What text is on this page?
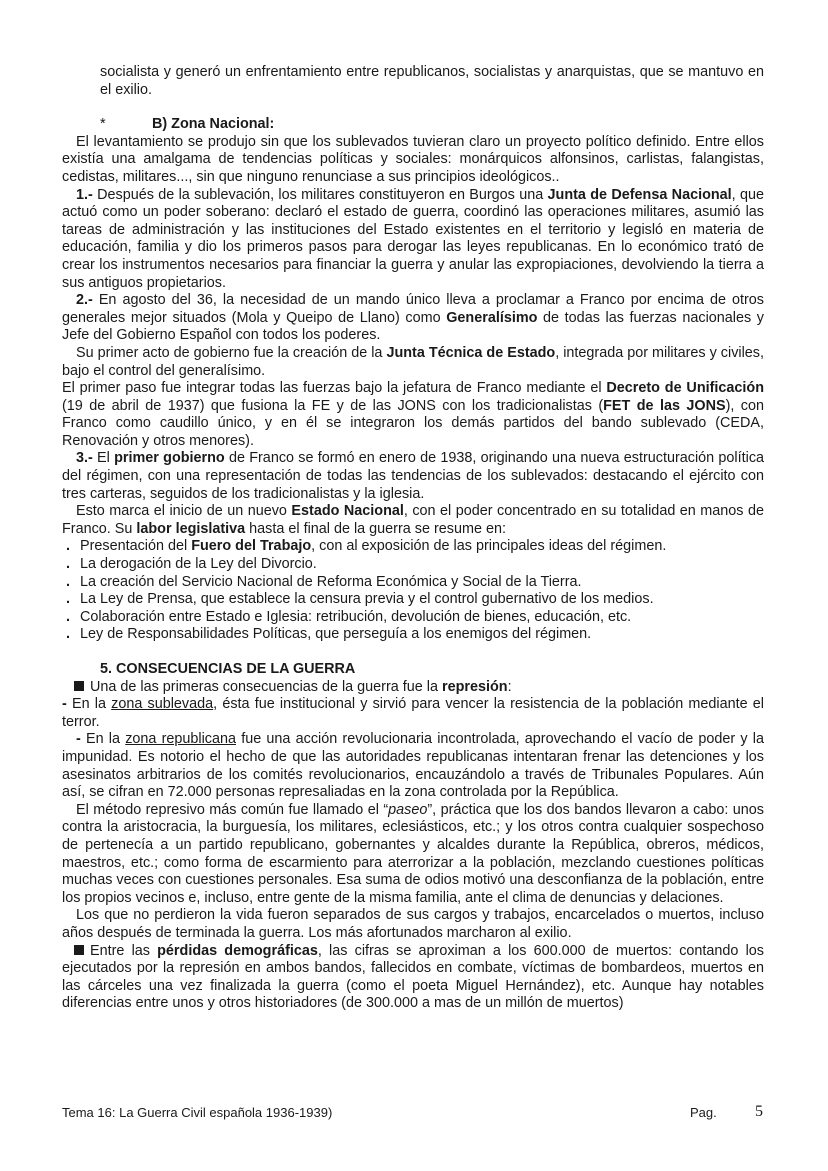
socialista y generó un enfrentamiento entre republicanos, socialistas y anarquistas, que se mantuvo en el exilio.

*	B) Zona Nacional:

El levantamiento se produjo sin que los sublevados tuvieran claro un proyecto político definido. Entre ellos existía una amalgama de tendencias políticas y sociales: monárquicos alfonsinos, carlistas, falangistas, cedistas, militares..., sin que ninguno renunciase a sus principios ideológicos..

1.- Después de la sublevación, los militares constituyeron en Burgos una Junta de Defensa Nacional, que actuó como un poder soberano: declaró el estado de guerra, coordinó las operaciones militares, asumió las tareas de administración y las instituciones del Estado existentes en el territorio y legisló en materia de educación, familia y dio los primeros pasos para derogar las leyes republicanas. En lo económico trató de crear los instrumentos necesarios para financiar la guerra y anular las expropiaciones, devolviendo la tierra a sus antiguos propietarios.

2.- En agosto del 36, la necesidad de un mando único lleva a proclamar a Franco por encima de otros generales mejor situados (Mola y Queipo de Llano) como Generalísimo de todas las fuerzas nacionales y Jefe del Gobierno Español con todos los poderes.

Su primer acto de gobierno fue la creación de la Junta Técnica de Estado, integrada por militares y civiles, bajo el control del generalísimo.

El primer paso fue integrar todas las fuerzas bajo la jefatura de Franco mediante el Decreto de Unificación (19 de abril de 1937) que fusiona la FE y de las JONS con los tradicionalistas (FET de las JONS), con Franco como caudillo único, y en él se integraron los demás partidos del bando sublevado (CEDA, Renovación y otros menores).

3.- El primer gobierno de Franco se formó en enero de 1938, originando una nueva estructuración política del régimen, con una representación de todas las tendencias de los sublevados: destacando el ejército con tres carteras, seguidos de los tradicionalistas y la iglesia.

Esto marca el inicio de un nuevo Estado Nacional, con el poder concentrado en su totalidad en manos de Franco. Su labor legislativa hasta el final de la guerra se resume en:

. Presentación del Fuero del Trabajo, con al exposición de las principales ideas del régimen.

. La derogación de la Ley del Divorcio.

. La creación del Servicio Nacional de Reforma Económica y Social de la Tierra.

. La Ley de Prensa, que establece la censura previa y el control gubernativo de los medios.

. Colaboración entre Estado e Iglesia: retribución, devolución de bienes, educación, etc.

. Ley de Responsabilidades Políticas, que perseguía a los enemigos del régimen.

5. CONSECUENCIAS DE LA GUERRA

Una de las primeras consecuencias de la guerra fue la represión:

- En la zona sublevada, ésta fue institucional y sirvió para vencer la resistencia de la población mediante el terror.

- En la zona republicana fue una acción revolucionaria incontrolada, aprovechando el vacío de poder y la impunidad. Es notorio el hecho de que las autoridades republicanas intentaran frenar las detenciones y los asesinatos arbitrarios de los comités revolucionarios, encauzándolo a través de Tribunales Populares. Aún así, se cifran en 72.000 personas represaliadas en la zona controlada por la República.

El método represivo más común fue llamado el “paseo”, práctica que los dos bandos llevaron a cabo: unos contra la aristocracia, la burguesía, los militares, eclesiásticos, etc.; y los otros contra cualquier sospechoso de pertenecía a un partido republicano, gobernantes y alcaldes durante la República, obreros, médicos, maestros, etc.; como forma de escarmiento para aterrorizar a la población, mezclando cuestiones políticas muchas veces con cuestiones personales. Esa suma de odios motivó una desconfianza de la población, entre los propios vecinos e, incluso, entre gente de la misma familia, ante el clima de denuncias y delaciones.

Los que no perdieron la vida fueron separados de sus cargos y trabajos, encarcelados o muertos, incluso años después de terminada la guerra. Los más afortunados marcharon al exilio.

Entre las pérdidas demográficas, las cifras se aproximan a los 600.000 de muertos: contando los ejecutados por la represión en ambos bandos, fallecidos en combate, víctimas de bombardeos, muertos en las cárceles una vez finalizada la guerra (como el poeta Miguel Hernández), etc. Aunque hay notables diferencias entre unos y otros historiadores (de 300.000 a mas de un millón de muertos)

Tema 16: La Guerra Civil española 1936-1939)	Pag. 5
